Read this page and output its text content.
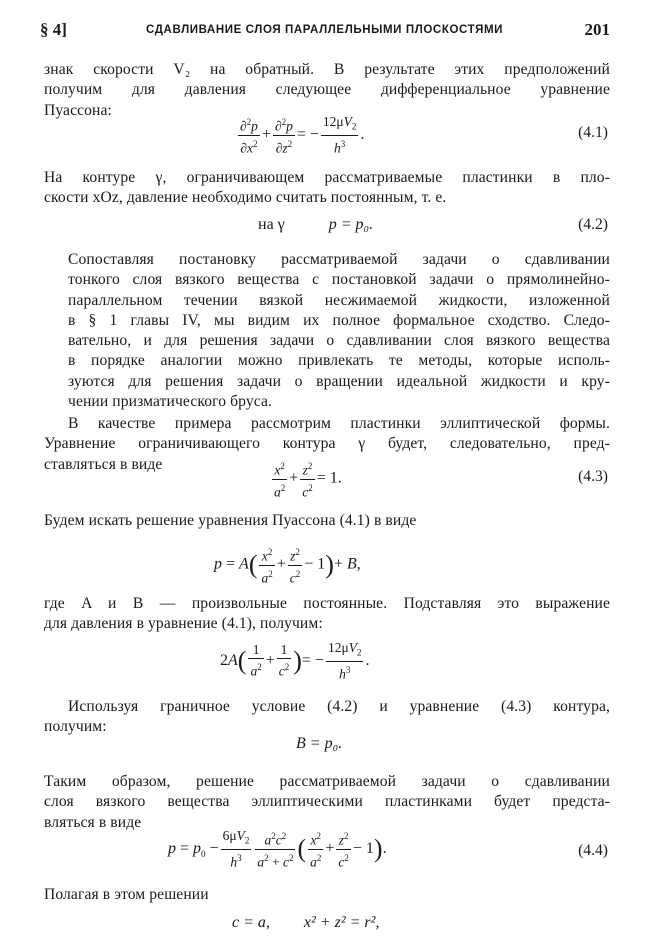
§ 4]	СДАВЛИВАНИЕ СЛОЯ ПАРАЛЛЕЛЬНЫМИ ПЛОСКОСТЯМИ	201
знак скорости V₂ на обратный. В результате этих предположений
получим для давления следующее дифференциальное уравнение
Пуассона:
$\frac{\partial^2p}{\partial x^2} + \frac{\partial^2p}{\partial z^2}$ = − $\frac{12\mu V_2}{h^3}$ .	(4.1)
На контуре γ, ограничивающем рассматриваемые пластинки в пло-
скости xOz, давление необходимо считать постоянным, т. е.
на γ	p = p₀.	(4.2)
Сопоставляя постановку рассматриваемой задачи о сдавливании
тонкого слоя вязкого вещества с постановкой задачи о прямолинейно-
параллельном течении вязкой несжимаемой жидкости, изложенной
в § 1 главы IV, мы видим их полное формальное сходство. Следо-
вательно, и для решения задачи о сдавливании слоя вязкого вещества
в порядке аналогии можно привлекать те методы, которые исполь-
зуются для решения задачи о вращении идеальной жидкости и кру-
чении призматического бруса.
В качестве примера рассмотрим пластинки эллиптической формы.
Уравнение ограничивающего контура γ будет, следовательно, пред-
ставляться в виде	$\frac{x^2}{a^2} + \frac{z^2}{c^2} = 1$.	(4.3)
Будем искать решение уравнения Пуассона (4.1) в виде
$p = A( \frac{x^2}{a^2} + \frac{z^2}{c^2} - 1)+ B$,
где A и B — произвольные постоянные. Подставляя это выражение
для давления в уравнение (4.1), получим:
$2A( \frac{1}{a^2} + \frac{1}{c^2}$ )= − $\frac{12\mu V_2}{h^3}$ .
Используя граничное условие (4.2) и уравнение (4.3) контура,
получим:
B = p₀.
Таким образом, решение рассматриваемой задачи о сдавливании
слоя вязкого вещества эллиптическими пластинками будет предста-
вляться в виде
$p = p_0 - \frac{6\mu V_2}{h^3} \frac{a^2c^2}{a^2 + c^2}$ ( $\frac{x^2}{a^2} + \frac{z^2}{c^2} - 1$).	(4.4)
Полагая в этом решении
c = a, x² + z² = r²,
